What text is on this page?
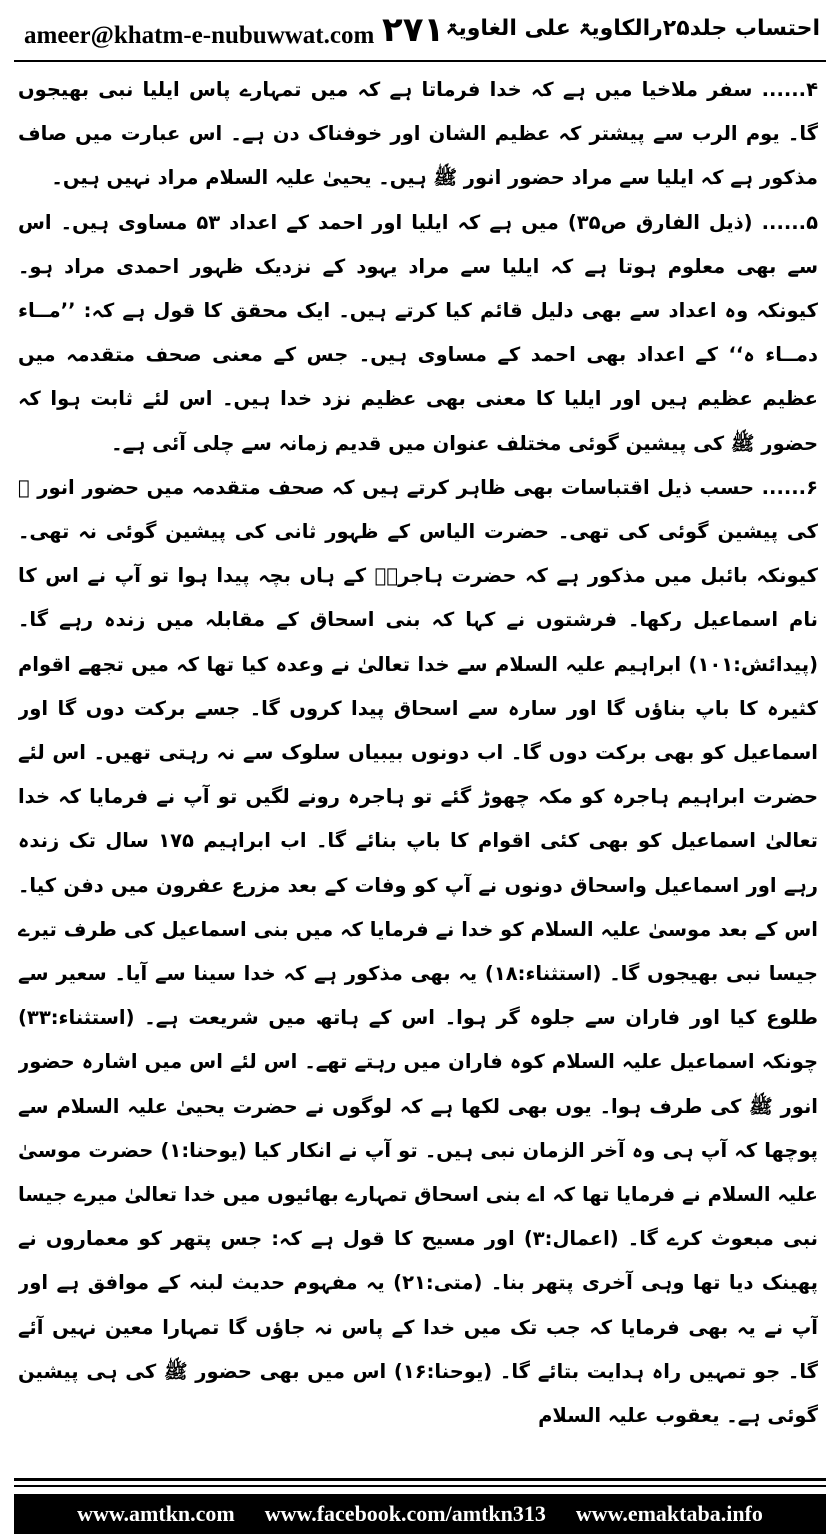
ameer@khatm-e-nubuwwat.com ۲۷۱ احتساب جلد۲۵رالکاویۃ علی الغاویۃ

۴...... سفر ملاخیا میں ہے کہ خدا فرماتا ہے کہ میں تمہارے پاس ایلیا نبی بھیجوں گا۔ یوم الرب سے پیشتر کہ عظیم الشان اور خوفناک دن ہے۔ اس عبارت میں صاف مذکور ہے کہ ایلیا سے مراد حضور انور ﷺ ہیں۔ یحییٰ علیہ السلام مراد نہیں ہیں۔

۵...... (ذیل الفارق ص۳۵) میں ہے کہ ایلیا اور احمد کے اعداد ۵۳ مساوی ہیں۔ اس سے بھی معلوم ہوتا ہے کہ ایلیا سے مراد یہود کے نزدیک ظہور احمدی مراد ہو۔ کیونکہ وہ اعداد سے بھی دلیل قائم کیا کرتے ہیں۔ ایک محقق کا قول ہے کہ: ’’مــاء دمــاء ہ‘‘ کے اعداد بھی احمد کے مساوی ہیں۔ جس کے معنی صحف متقدمہ میں عظیم عظیم ہیں اور ایلیا کا معنی بھی عظیم نزد خدا ہیں۔ اس لئے ثابت ہوا کہ حضور ﷺ کی پیشین گوئی مختلف عنوان میں قدیم زمانہ سے چلی آئی ہے۔

۶...... حسب ذیل اقتباسات بھی ظاہر کرتے ہیں کہ صحف متقدمہ میں حضور انور ﷺ کی پیشین گوئی کی تھی۔ حضرت الیاس کے ظہور ثانی کی پیشین گوئی نہ تھی۔ کیونکہ بائبل میں مذکور ہے کہ حضرت ہاجرہؑ کے ہاں بچہ پیدا ہوا تو آپ نے اس کا نام اسماعیل رکھا۔ فرشتوں نے کہا کہ بنی اسحاق کے مقابلہ میں زندہ رہے گا۔ (پیدائش:۱۰۱) ابراہیم علیہ السلام سے خدا تعالیٰ نے وعدہ کیا تھا کہ میں تجھے اقوام کثیرہ کا باپ بناؤں گا اور سارہ سے اسحاق پیدا کروں گا۔ جسے برکت دوں گا اور اسماعیل کو بھی برکت دوں گا۔ اب دونوں بیبیاں سلوک سے نہ رہتی تھیں۔ اس لئے حضرت ابراہیم ہاجرہ کو مکہ چھوڑ گئے تو ہاجرہ رونے لگیں تو آپ نے فرمایا کہ خدا تعالیٰ اسماعیل کو بھی کئی اقوام کا باپ بنائے گا۔ اب ابراہیم ۱۷۵ سال تک زندہ رہے اور اسماعیل واسحاق دونوں نے آپ کو وفات کے بعد مزرع عفرون میں دفن کیا۔ اس کے بعد موسیٰ علیہ السلام کو خدا نے فرمایا کہ میں بنی اسماعیل کی طرف تیرے جیسا نبی بھیجوں گا۔ (استثناء:۱۸) یہ بھی مذکور ہے کہ خدا سینا سے آیا۔ سعیر سے طلوع کیا اور فاران سے جلوہ گر ہوا۔ اس کے ہاتھ میں شریعت ہے۔ (استثناء:۳۳) چونکہ اسماعیل علیہ السلام کوہ فاران میں رہتے تھے۔ اس لئے اس میں اشارہ حضور انور ﷺ کی طرف ہوا۔ یوں بھی لکھا ہے کہ لوگوں نے حضرت یحییٰ علیہ السلام سے پوچھا کہ آپ ہی وہ آخر الزمان نبی ہیں۔ تو آپ نے انکار کیا (یوحنا:۱) حضرت موسیٰ علیہ السلام نے فرمایا تھا کہ اے بنی اسحاق تمہارے بھائیوں میں خدا تعالیٰ میرے جیسا نبی مبعوث کرے گا۔ (اعمال:۳) اور مسیح کا قول ہے کہ: جس پتھر کو معماروں نے پھینک دیا تھا وہی آخری پتھر بنا۔ (متی:۲۱) یہ مفہوم حدیث لبنہ کے موافق ہے اور آپ نے یہ بھی فرمایا کہ جب تک میں خدا کے پاس نہ جاؤں گا تمہارا معین نہیں آئے گا۔ جو تمہیں راہ ہدایت بتائے گا۔ (یوحنا:۱۶) اس میں بھی حضور ﷺ کی ہی پیشین گوئی ہے۔ یعقوب علیہ السلام

www.amtkn.com www.facebook.com/amtkn313 www.emaktaba.info
